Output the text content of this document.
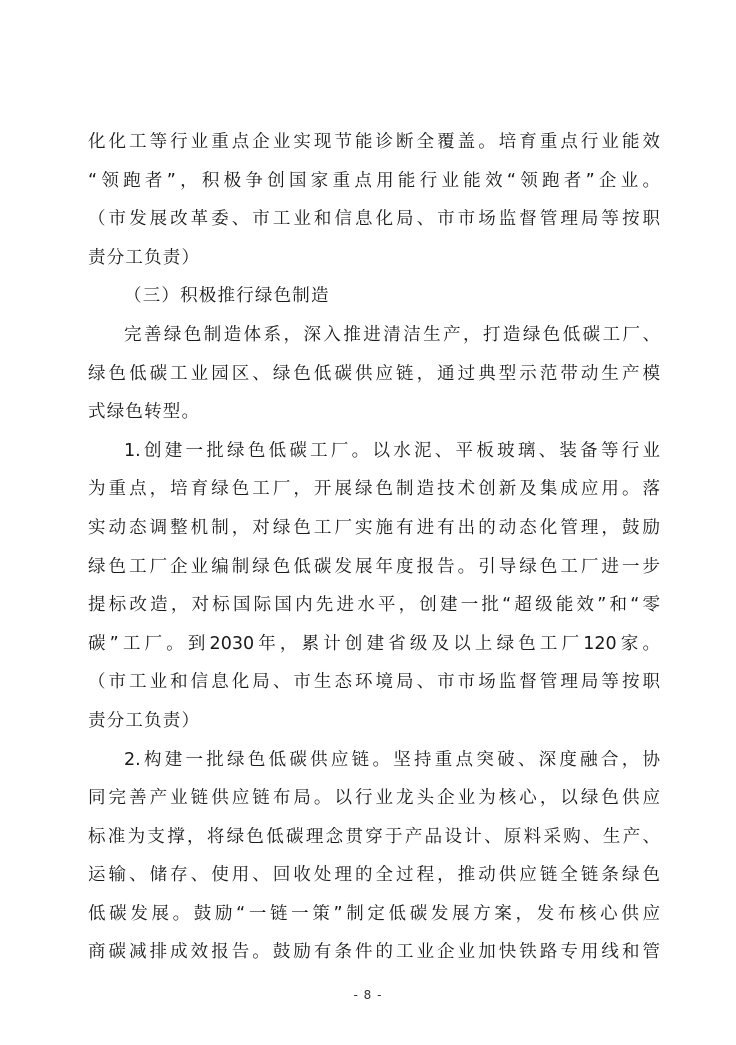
化化工等行业重点企业实现节能诊断全覆盖。培育重点行业能效
“领跑者”，积极争创国家重点用能行业能效“领跑者”企业。
（市发展改革委、市工业和信息化局、市市场监督管理局等按职
责分工负责）
（三）积极推行绿色制造
完善绿色制造体系，深入推进清洁生产，打造绿色低碳工厂、
绿色低碳工业园区、绿色低碳供应链，通过典型示范带动生产模
式绿色转型。
1.创建一批绿色低碳工厂。以水泥、平板玻璃、装备等行业
为重点，培育绿色工厂，开展绿色制造技术创新及集成应用。落
实动态调整机制，对绿色工厂实施有进有出的动态化管理，鼓励
绿色工厂企业编制绿色低碳发展年度报告。引导绿色工厂进一步
提标改造，对标国际国内先进水平，创建一批“超级能效”和“零
碳”工厂。到2030年，累计创建省级及以上绿色工厂120家。
（市工业和信息化局、市生态环境局、市市场监督管理局等按职
责分工负责）
2.构建一批绿色低碳供应链。坚持重点突破、深度融合，协
同完善产业链供应链布局。以行业龙头企业为核心，以绿色供应
标准为支撑，将绿色低碳理念贯穿于产品设计、原料采购、生产、
运输、储存、使用、回收处理的全过程，推动供应链全链条绿色
低碳发展。鼓励“一链一策”制定低碳发展方案，发布核心供应
商碳减排成效报告。鼓励有条件的工业企业加快铁路专用线和管
- 8 -
